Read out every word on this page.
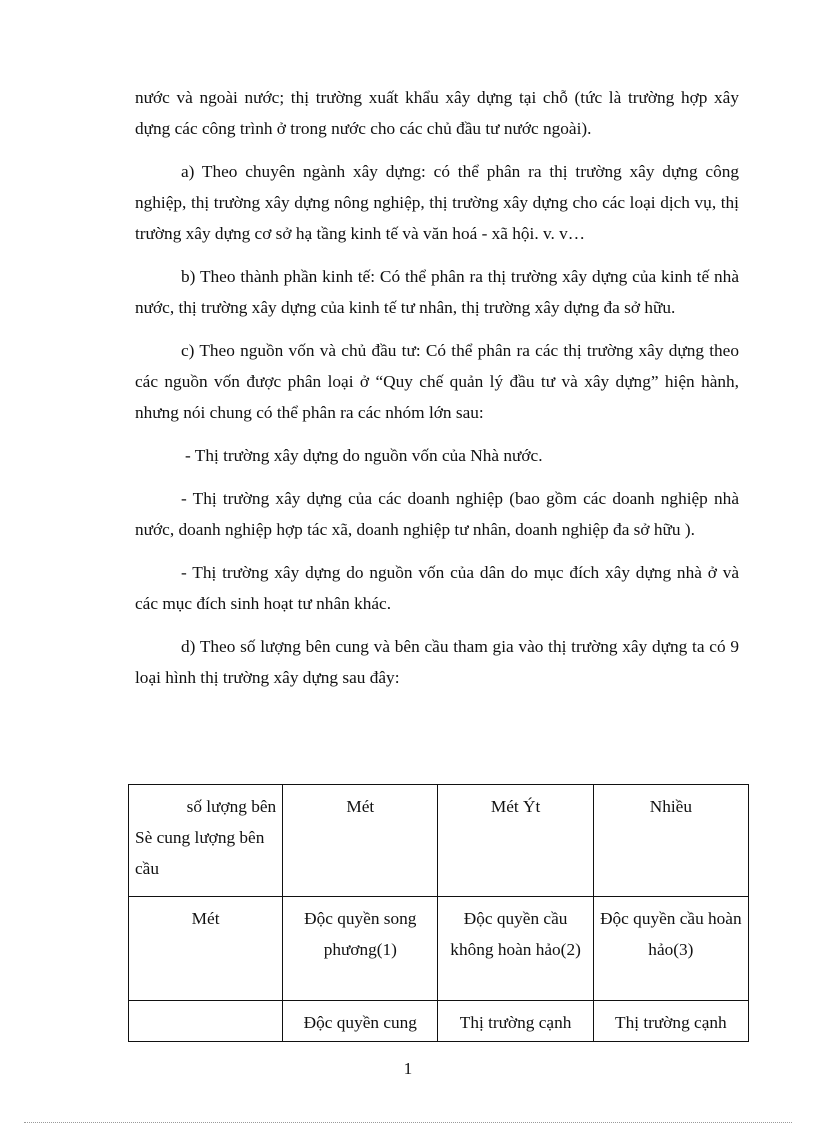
nước và ngoài nước; thị trường xuất khẩu xây dựng tại chỗ (tức là trường hợp xây dựng các công trình ở trong nước cho các chủ đầu tư nước ngoài).

a) Theo chuyên ngành xây dựng: có thể phân ra thị trường xây dựng công nghiệp, thị trường xây dựng nông nghiệp, thị trường xây dựng cho các loại dịch vụ, thị trường xây dựng cơ sở hạ tầng kinh tế và văn hoá - xã hội. v. v…

b) Theo thành phần kinh tế: Có thể phân ra thị trường xây dựng của kinh tế nhà nước, thị trường xây dựng của kinh tế tư nhân, thị trường xây dựng đa sở hữu.

c) Theo nguồn vốn và chủ đầu tư: Có thể phân ra các thị trường xây dựng theo các nguồn vốn được phân loại ở “Quy chế quản lý đầu tư và xây dựng” hiện hành, nhưng nói chung có thể phân ra các nhóm lớn sau:

- Thị trường xây dựng do nguồn vốn của Nhà nước.

- Thị trường xây dựng của các doanh nghiệp (bao gồm các doanh nghiệp nhà nước, doanh nghiệp hợp tác xã, doanh nghiệp tư nhân, doanh nghiệp đa sở hữu ).

- Thị trường xây dựng do nguồn vốn của dân do mục đích xây dựng nhà ở và các mục đích sinh hoạt tư nhân khác.

d) Theo số lượng bên cung và bên cầu tham gia vào thị trường xây dựng ta có 9 loại hình thị trường xây dựng sau đây:

số lượng bên
Sè cung lượng bên cầu	Mét	Mét Ýt	Nhiều
Mét	Độc quyền song phương(1)	Độc quyền cầu không hoàn hảo(2)	Độc quyền cầu hoàn hảo(3)
	Độc quyền cung	Thị trường cạnh	Thị trường cạnh
1
